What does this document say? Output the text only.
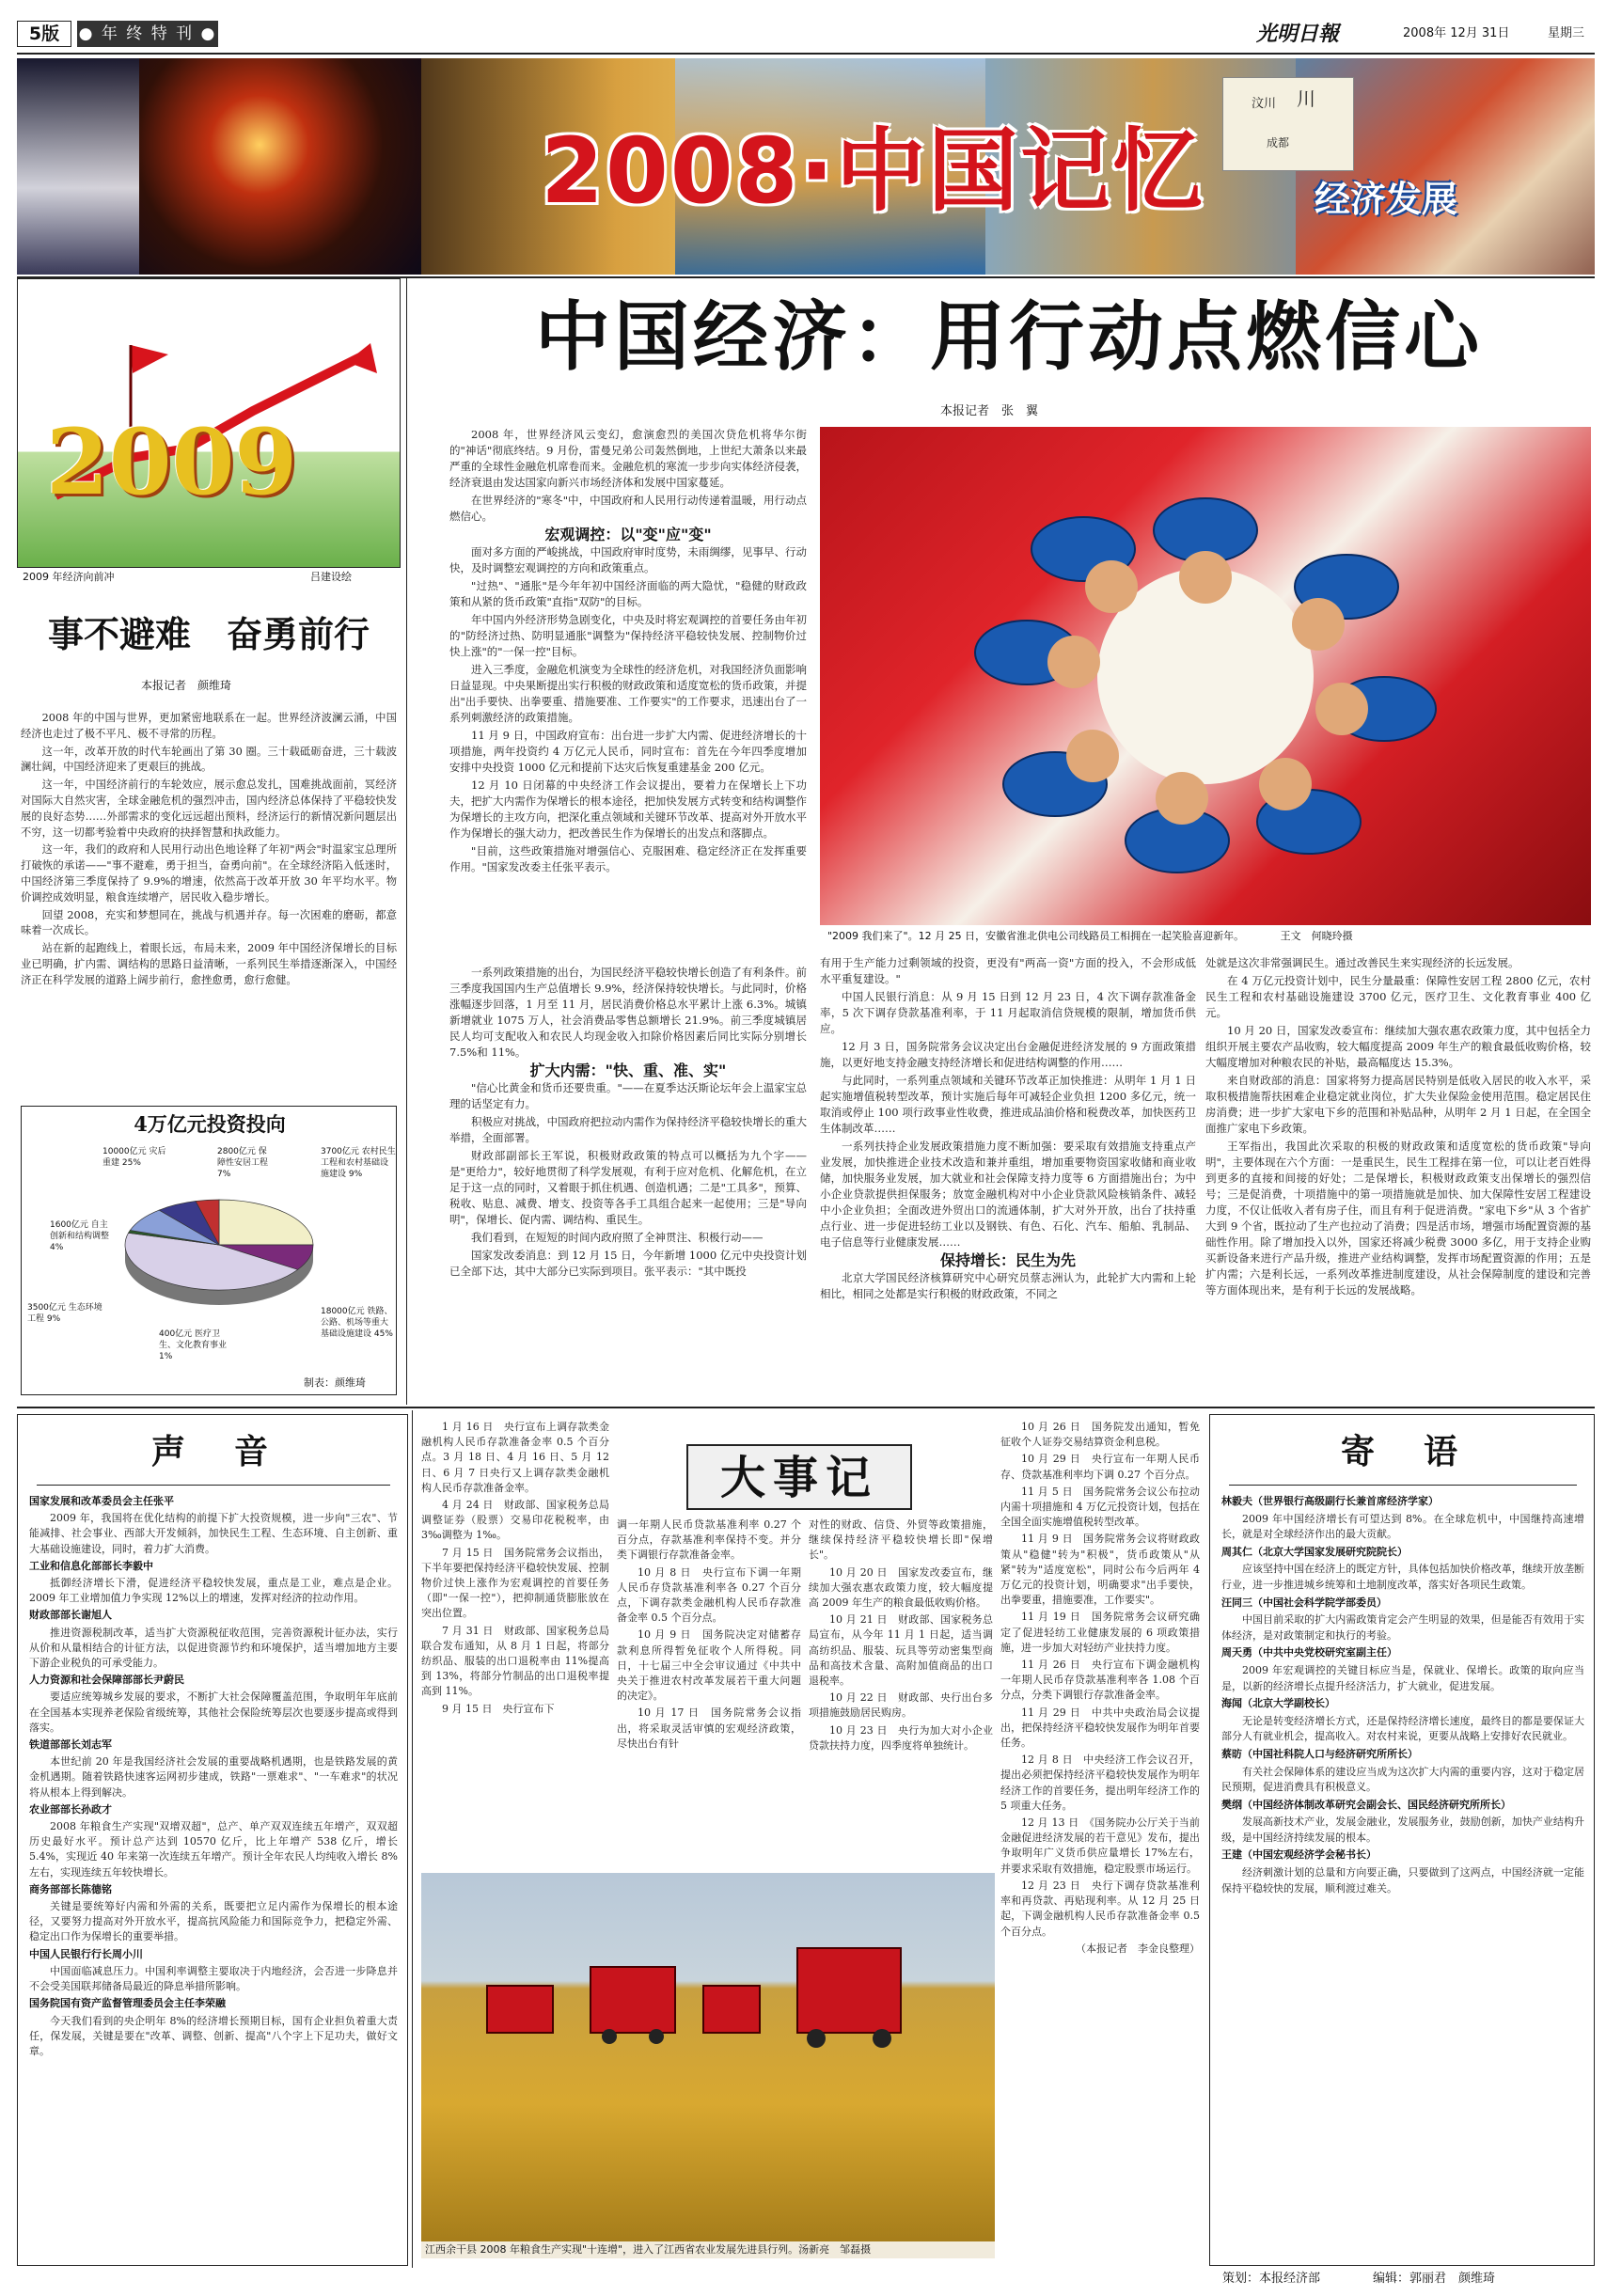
5版	● 年 终 特 刊 ●	光明日報	2008年 12月 31日	星期三
汶川 川
成都
2008·中国记忆	经济发展
2009
2009 年经济向前冲	吕建设绘
事不避难　奋勇前行
本报记者　颜维琦

2008 年的中国与世界，更加紧密地联系在一起。世界经济波澜云涌，中国经济也走过了极不平凡、极不寻常的历程。

这一年，改革开放的时代车轮画出了第 30 圈。三十载砥砺奋进，三十载波澜壮阔，中国经济迎来了更艰巨的挑战。

这一年，中国经济前行的车轮效应，展示愈总发扎，国难挑战面前，冥经济对国际大自然灾害，全球金融危机的强烈冲击，国内经济总体保持了平稳较快发展的良好态势……外部需求的变化远远超出预料，经济运行的新情况新问题层出不穷，这一切都考验着中央政府的抉择智慧和执政能力。

这一年，我们的政府和人民用行动出色地诠释了年初"两会"时温家宝总理所打破恢的承诺——"事不避难，勇于担当，奋勇向前"。在全球经济陷入低迷时，中国经济第三季度保持了 9.9%的增速，依然高于改革开放 30 年平均水平。物价调控成效明显，粮食连续增产，居民收入稳步增长。

回望 2008，充实和梦想同在，挑战与机遇并存。每一次困难的磨砺，都意味着一次成长。

站在新的起跑线上，着眼长远，布局未来，2009 年中国经济保增长的目标业已明确，扩内需、调结构的思路日益清晰，一系列民生举措逐渐深入，中国经济正在科学发展的道路上阔步前行，愈挫愈勇，愈行愈健。

4万亿元投资投向
10000亿元 灾后重建 25%
3700亿元 农村民生工程和农村基础设施建设 9%
18000亿元 铁路、公路、机场等重大基础设施建设 45%
400亿元 医疗卫生、文化教育事业 1%
3500亿元 生态环境工程 9%
2800亿元 保障性安居工程 7%
1600亿元 自主创新和结构调整 4%
制表：颜维琦
中国经济：用行动点燃信心
本报记者　张　翼

2008 年，世界经济风云变幻，愈演愈烈的美国次贷危机将华尔街的"神话"彻底终结。9 月份，雷曼兄弟公司轰然倒地，上世纪大萧条以来最严重的全球性金融危机席卷而来。金融危机的寒流一步步向实体经济侵袭，经济衰退由发达国家向新兴市场经济体和发展中国家蔓延。

在世界经济的"寒冬"中，中国政府和人民用行动传递着温暖，用行动点燃信心。

宏观调控：以"变"应"变"

面对多方面的严峻挑战，中国政府审时度势，未雨绸缪，见事早、行动快，及时调整宏观调控的方向和政策重点。

"过热"、"通胀"是今年年初中国经济面临的两大隐忧，"稳健的财政政策和从紧的货币政策"直指"双防"的目标。

年中国内外经济形势急剧变化，中央及时将宏观调控的首要任务由年初的"防经济过热、防明显通胀"调整为"保持经济平稳较快发展、控制物价过快上涨"的"一保一控"目标。

进入三季度，金融危机演变为全球性的经济危机，对我国经济负面影响日益显现。中央果断提出实行积极的财政政策和适度宽松的货币政策，并提出"出手要快、出拳要重、措施要准、工作要实"的工作要求，迅速出台了一系列刺激经济的政策措施。

11 月 9 日，中国政府宣布：出台进一步扩大内需、促进经济增长的十项措施，两年投资约 4 万亿元人民币，同时宣布：首先在今年四季度增加安排中央投资 1000 亿元和提前下达灾后恢复重建基金 200 亿元。

12 月 10 日闭幕的中央经济工作会议提出，要着力在保增长上下功夫，把扩大内需作为保增长的根本途径，把加快发展方式转变和结构调整作为保增长的主攻方向，把深化重点领域和关键环节改革、提高对外开放水平作为保增长的强大动力，把改善民生作为保增长的出发点和落脚点。

"目前，这些政策措施对增强信心、克服困难、稳定经济正在发挥重要作用。"国家发改委主任张平表示。

一系列政策措施的出台，为国民经济平稳较快增长创造了有利条件。前三季度我国国内生产总值增长 9.9%，经济保持较快增长。与此同时，价格涨幅逐步回落，1 月至 11 月，居民消费价格总水平累计上涨 6.3%。城镇新增就业 1075 万人，社会消费品零售总额增长 21.9%。前三季度城镇居民人均可支配收入和农民人均现金收入扣除价格因素后同比实际分别增长 7.5%和 11%。

扩大内需："快、重、准、实"

"信心比黄金和货币还要贵重。"——在夏季达沃斯论坛年会上温家宝总理的话坚定有力。

积极应对挑战，中国政府把拉动内需作为保持经济平稳较快增长的重大举措，全面部署。

财政部副部长王军说，积极财政政策的特点可以概括为九个字——是"更给力"，较好地贯彻了科学发展观，有利于应对危机、化解危机，在立足于这一点的同时，又着眼于抓住机遇、创造机遇；二是"工具多"，预算、税收、贴息、减费、增支、投资等各手工具组合起来一起使用；三是"导向明"，保增长、促内需、调结构、重民生。

我们看到，在短短的时间内政府照了全神贯注、积极行动——

国家发改委消息：到 12 月 15 日，今年新增 1000 亿元中央投资计划已全部下达，其中大部分已实际到项目。张平表示："其中既投

"2009 我们来了"。12 月 25 日，安徽省淮北供电公司线路员工相拥在一起笑脸喜迎新年。　　　　王文　何晓玲摄

有用于生产能力过剩领域的投资，更没有"两高一资"方面的投入，不会形成低水平重复建设。"

中国人民银行消息：从 9 月 15 日到 12 月 23 日，4 次下调存款准备金率，5 次下调存贷款基准利率，于 11 月起取消信贷规模的限制，增加货币供应。

12 月 3 日，国务院常务会议决定出台金融促进经济发展的 9 方面政策措施，以更好地支持金融支持经济增长和促进结构调整的作用……

与此同时，一系列重点领域和关键环节改革正加快推进：从明年 1 月 1 日起实施增值税转型改革，预计实施后每年可减轻企业负担 1200 多亿元，统一取消或停止 100 项行政事业性收费，推进成品油价格和税费改革，加快医药卫生体制改革……

一系列扶持企业发展政策措施力度不断加强：要采取有效措施支持重点产业发展，加快推进企业技术改造和兼并重组，增加重要物资国家收储和商业收储，加快服务业发展，加大就业和社会保障支持力度等 6 方面措施出台；为中小企业贷款提供担保服务；放宽金融机构对中小企业贷款风险核销条件、减轻中小企业负担；全面改进外贸出口的流通体制，扩大对外开放，出台了扶持重点行业、进一步促进轻纺工业以及钢铁、有色、石化、汽车、船舶、乳制品、电子信息等行业健康发展……

保持增长：民生为先

北京大学国民经济核算研究中心研究员蔡志洲认为，此轮扩大内需和上轮相比，相同之处都是实行积极的财政政策，不同之

处就是这次非常强调民生。通过改善民生来实现经济的长远发展。

在 4 万亿元投资计划中，民生分量最重：保障性安居工程 2800 亿元，农村民生工程和农村基础设施建设 3700 亿元，医疗卫生、文化教育事业 400 亿元。

10 月 20 日，国家发改委宣布：继续加大强农惠农政策力度，其中包括全力组织开展主要农产品收购，较大幅度提高 2009 年生产的粮食最低收购价格，较大幅度增加对种粮农民的补贴，最高幅度达 15.3%。

来自财政部的消息：国家将努力提高居民特别是低收入居民的收入水平，采取积极措施帮扶困难企业稳定就业岗位，扩大失业保险金使用范围。稳定居民住房消费；进一步扩大家电下乡的范围和补贴品种，从明年 2 月 1 日起，在全国全面推广家电下乡政策。

王军指出，我国此次采取的积极的财政政策和适度宽松的货币政策"导向明"，主要体现在六个方面：一是重民生，民生工程排在第一位，可以让老百姓得到更多的直接和间接的好处；二是保增长，积极财政政策支出保增长的强烈信号；三是促消费，十项措施中的第一项措施就是加快、加大保障性安居工程建设力度，不仅让低收入者有房子住，而且有利于促进消费。"家电下乡"从 3 个省扩大到 9 个省，既拉动了生产也拉动了消费；四是活市场，增强市场配置资源的基础性作用。除了增加投入以外，国家还将减少税费 3000 多亿，用于支持企业购买新设备来进行产品升级，推进产业结构调整，发挥市场配置资源的作用；五是扩内需；六是利长远，一系列改革推进制度建设，从社会保障制度的建设和完善等方面体现出来，是有利于长远的发展战略。

声　音

国家发展和改革委员会主任张平

2009 年，我国将在优化结构的前提下扩大投资规模，进一步向"三农"、节能减排、社会事业、西部大开发倾斜，加快民生工程、生态环境、自主创新、重大基础设施建设，同时，着力扩大消费。

工业和信息化部部长李毅中

抵御经济增长下滑，促进经济平稳较快发展，重点是工业，难点是企业。2009 年工业增加值力争实现 12%以上的增速，发挥对经济的拉动作用。

财政部部长谢旭人

推进资源税制改革，适当扩大资源税征收范围，完善资源税计征办法，实行从价和从量相结合的计征方法，以促进资源节约和环境保护，适当增加地方主要下游企业税负的可承受能力。

人力资源和社会保障部部长尹蔚民

要适应统筹城乡发展的要求，不断扩大社会保障覆盖范围，争取明年年底前在全国基本实现养老保险省级统筹，其他社会保险统筹层次也要逐步提高或得到落实。

铁道部部长刘志军

本世纪前 20 年是我国经济社会发展的重要战略机遇期，也是铁路发展的黄金机遇期。随着铁路快速客运网初步建成，铁路"一票难求"、"一车难求"的状况将从根本上得到解决。

农业部部长孙政才

2008 年粮食生产实现"双增双超"，总产、单产双双连续五年增产，双双超历史最好水平。预计总产达到 10570 亿斤，比上年增产 538 亿斤，增长 5.4%，实现近 40 年来第一次连续五年增产。预计全年农民人均纯收入增长 8%左右，实现连续五年较快增长。

商务部部长陈德铭

关键是要统筹好内需和外需的关系，既要把立足内需作为保增长的根本途径，又要努力提高对外开放水平，提高抗风险能力和国际竞争力，把稳定外需、稳定出口作为保增长的重要举措。

中国人民银行行长周小川

中国面临减息压力。中国利率调整主要取决于内地经济，会否进一步降息并不会受美国联邦储备局最近的降息举措所影响。

国务院国有资产监督管理委员会主任李荣融

今天我们看到的央企明年 8%的经济增长预期目标，国有企业担负着重大责任，保发展，关键是要在"改革、调整、创新、提高"八个字上下足功夫，做好文章。

大事记

1 月 16 日　央行宣布上调存款类金融机构人民币存款准备金率 0.5 个百分点。3 月 18 日、4 月 16 日、5 月 12 日、6 月 7 日央行又上调存款类金融机构人民币存款准备金率。

4 月 24 日　财政部、国家税务总局调整证券（股票）交易印花税税率，由 3‰调整为 1‰。

7 月 15 日　国务院常务会议指出，下半年要把保持经济平稳较快发展、控制物价过快上涨作为宏观调控的首要任务（即"一保一控"），把抑制通货膨胀放在突出位置。

7 月 31 日　财政部、国家税务总局联合发布通知，从 8 月 1 日起，将部分纺织品、服装的出口退税率由 11%提高到 13%，将部分竹制品的出口退税率提高到 11%。

9 月 15 日　央行宣布下

调一年期人民币贷款基准利率 0.27 个百分点，存款基准利率保持不变。并分类下调银行存款准备金率。

10 月 8 日　央行宣布下调一年期人民币存贷款基准利率各 0.27 个百分点，下调存款类金融机构人民币存款准备金率 0.5 个百分点。

10 月 9 日　国务院决定对储蓄存款利息所得暂免征收个人所得税。同日，十七届三中全会审议通过《中共中央关于推进农村改革发展若干重大问题的决定》。

10 月 17 日　国务院常务会议指出，将采取灵活审慎的宏观经济政策，尽快出台有针

对性的财政、信贷、外贸等政策措施，继续保持经济平稳较快增长即"保增长"。

10 月 20 日　国家发改委宣布，继续加大强农惠农政策力度，较大幅度提高 2009 年生产的粮食最低收购价格。

10 月 21 日　财政部、国家税务总局宣布，从今年 11 月 1 日起，适当调高纺织品、服装、玩具等劳动密集型商品和高技术含量、高附加值商品的出口退税率。

10 月 22 日　财政部、央行出台多项措施鼓励居民购房。

10 月 23 日　央行为加大对小企业贷款扶持力度，四季度将单独统计。

10 月 26 日　国务院发出通知，暂免征收个人证券交易结算资金利息税。

10 月 29 日　央行宣布一年期人民币存、贷款基准利率均下调 0.27 个百分点。

11 月 5 日　国务院常务会议公布拉动内需十项措施和 4 万亿元投资计划，包括在全国全面实施增值税转型改革。

11 月 9 日　国务院常务会议将财政政策从"稳健"转为"积极"，货币政策从"从紧"转为"适度宽松"，同时公布今后两年 4 万亿元的投资计划，明确要求"出手要快，出拳要重，措施要准，工作要实"。

11 月 19 日　国务院常务会议研究确定了促进轻纺工业健康发展的 6 项政策措施，进一步加大对轻纺产业扶持力度。

11 月 26 日　央行宣布下调金融机构一年期人民币存贷款基准利率各 1.08 个百分点，分类下调银行存款准备金率。

11 月 29 日　中共中央政治局会议提出，把保持经济平稳较快发展作为明年首要任务。

12 月 8 日　中央经济工作会议召开，提出必须把保持经济平稳较快发展作为明年经济工作的首要任务，提出明年经济工作的 5 项重大任务。

12 月 13 日　《国务院办公厅关于当前金融促进经济发展的若干意见》发布，提出争取明年广义货币供应量增长 17%左右，并要求采取有效措施，稳定股票市场运行。

12 月 23 日　央行下调存贷款基准利率和再贷款、再贴现利率。从 12 月 25 日起，下调金融机构人民币存款准备金率 0.5 个百分点。

（本报记者　李金良整理）

江西余干县 2008 年粮食生产实现"十连增"，进入了江西省农业发展先进县行列。汤新亮　邹磊摄
寄　语

林毅夫（世界银行高级副行长兼首席经济学家）

2009 年中国经济增长有可望达到 8%。在全球危机中，中国继持高速增长，就是对全球经济作出的最大贡献。

周其仁（北京大学国家发展研究院院长）

应该坚持中国在经济上的既定方针，具体包括加快价格改革，继续开放垄断行业，进一步推进城乡统筹和土地制度改革，落实好各项民生政策。

汪同三（中国社会科学院学部委员）

中国目前采取的扩大内需政策肯定会产生明显的效果，但是能否有效用于实体经济，是对政策制定和执行的考验。

周天勇（中共中央党校研究室副主任）

2009 年宏观调控的关键目标应当是，保就业、保增长。政策的取向应当是，以新的经济增长点提升经济活力，扩大就业，促进发展。

海闻（北京大学副校长）

无论是转变经济增长方式，还是保持经济增长速度，最终目的都是要保证大部分人有就业机会，提高收入。对农村来说，更要从战略上安排好农民就业。

蔡昉（中国社科院人口与经济研究所所长）

有关社会保障体系的建设应当成为这次扩大内需的重要内容，这对于稳定居民预期，促进消费具有积极意义。

樊纲（中国经济体制改革研究会副会长、国民经济研究所所长）

发展高新技术产业，发展金融业，发展服务业，鼓励创新，加快产业结构升级，是中国经济持续发展的根本。

王建（中国宏观经济学会秘书长）

经济刺激计划的总量和方向要正确，只要做到了这两点，中国经济就一定能保持平稳较快的发展，顺利渡过难关。

策划：本报经济部	编辑：郭丽君　颜维琦
